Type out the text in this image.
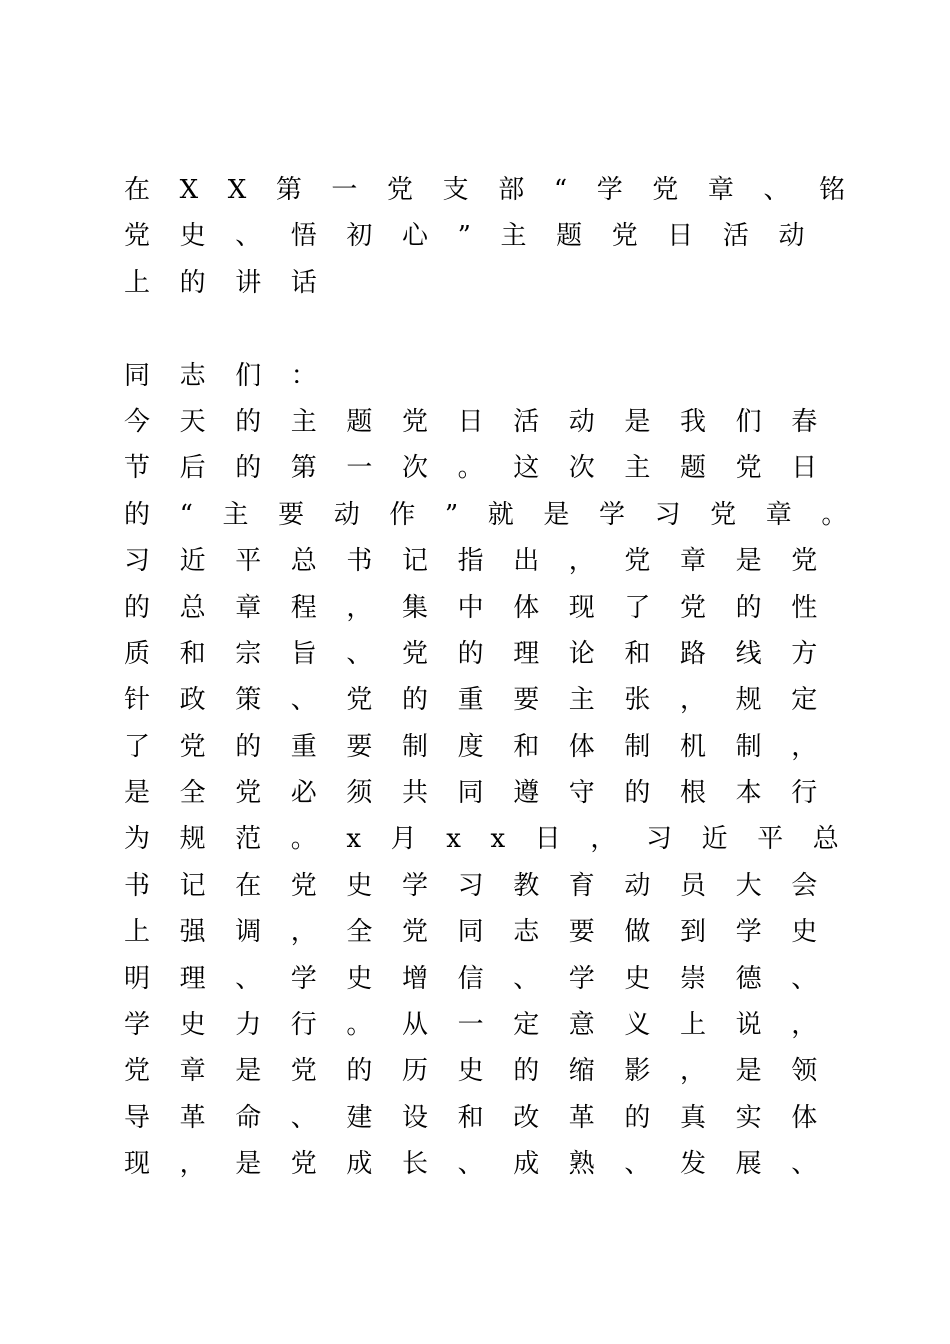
在XX第一党支部“学党章、铭
党史、悟初心”主题党日活动
上的讲话
同志们：
今天的主题党日活动是我们春
节后的第一次。这次主题党日
的“主要动作”就是学习党章。
习近平总书记指出，党章是党
的总章程，集中体现了党的性
质和宗旨、党的理论和路线方
针政策、党的重要主张，规定
了党的重要制度和体制机制，
是全党必须共同遵守的根本行
为规范。x月xx日，习近平总
书记在党史学习教育动员大会
上强调，全党同志要做到学史
明理、学史增信、学史崇德、
学史力行。从一定意义上说，
党章是党的历史的缩影，是领
导革命、建设和改革的真实体
现，是党成长、成熟、发展、
